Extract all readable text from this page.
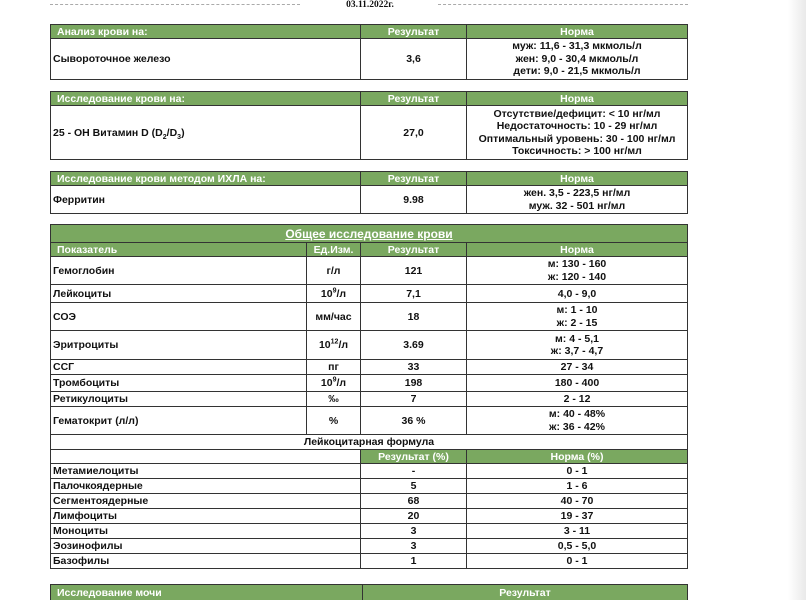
03.11.2022г.
Анализ крови на:	Результат	Норма
Сывороточное железо	3,6	муж: 11,6 - 31,3 мкмоль/л
жен: 9,0 - 30,4 мкмоль/л
дети: 9,0 - 21,5 мкмоль/л
Исследование крови на:	Результат	Норма
25 - ОН Витамин D $(D_2/D_3)$	27,0	Отсутствие/дефицит: < 10 нг/мл
Недостаточность: 10 - 29 нг/мл
Оптимальный уровень: 30 - 100 нг/мл
Токсичность: > 100 нг/мл
Исследование крови методом ИХЛА на:	Результат	Норма
Ферритин	9.98	жен. 3,5 - 223,5 нг/мл
муж. 32 - 501 нг/мл
Общее исследование крови			
Показатель	Ед.Изм.	Результат	Норма
Гемоглобин	г/л	121	м: 130 - 160
ж: 120 - 140

Лейкоциты	$10^9/л$	7,1	4,0 - 9,0
СОЭ	мм/час	18	м: 1 - 10
ж: 2 - 15

Эритроциты	$10^{12}/л$	3.69	м: 4 - 5,1
ж: 3,7 - 4,7

ССГ	пг	33	27 - 34
Тромбоциты	$10^9/л$	198	180 - 400
Ретикулоциты	‰	7	2 - 12
Гематокрит (л/л)	%	36 %	м: 40 - 48%
ж: 36 - 42%

Лейкоцитарная формула			
		Результат (%)	Норма (%)
Метамиелоциты		-	0 - 1
Палочкоядерные		5	1 - 6
Сегментоядерные		68	40 - 70
Лимфоциты		20	19 - 37
Моноциты		3	3 - 11
Эозинофилы		3	0,5 - 5,0
Базофилы		1	0 - 1
Исследование мочи	Результат
